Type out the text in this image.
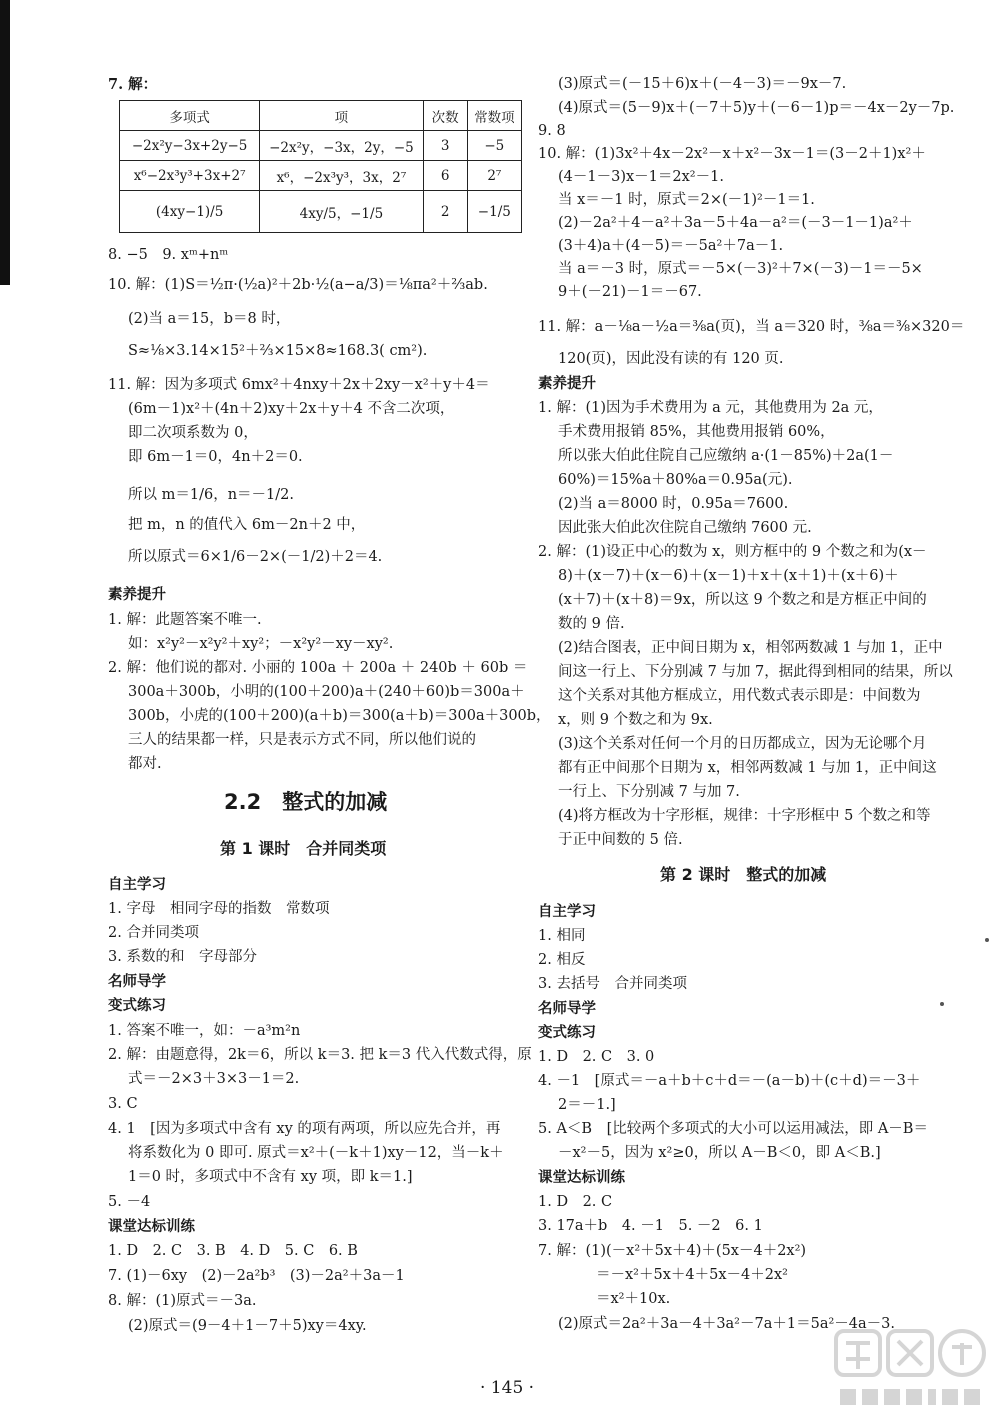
7. 解：
8. −5　9. xᵐ+nᵐ
10. 解：(1)S＝½π·(½a)²＋2b·½(a−a/3)＝⅛πa²＋⅔ab.
(2)当 a＝15，b＝8 时，
S≈⅛×3.14×15²＋⅔×15×8≈168.3( cm²).
11. 解：因为多项式 6mx²＋4nxy＋2x＋2xy－x²＋y＋4＝
(6m－1)x²＋(4n＋2)xy＋2x＋y＋4 不含二次项，
即二次项系数为 0，
即 6m－1＝0，4n＋2＝0.
所以 m＝1/6，n＝－1/2.
把 m，n 的值代入 6m－2n＋2 中，
所以原式＝6×1/6－2×(－1/2)＋2＝4.
素养提升
1. 解：此题答案不唯一.
如：x²y²－x²y²＋xy²；－x²y²－xy－xy².
2. 解：他们说的都对. 小丽的 100a ＋ 200a ＋ 240b ＋ 60b ＝
300a＋300b，小明的(100＋200)a＋(240＋60)b＝300a＋
300b，小虎的(100＋200)(a＋b)＝300(a＋b)＝300a＋300b，
三人的结果都一样，只是表示方式不同，所以他们说的
都对.
2.2　整式的加减
第 1 课时　合并同类项
自主学习
1. 字母　相同字母的指数　常数项
2. 合并同类项
3. 系数的和　字母部分
名师导学
变式练习
1. 答案不唯一，如：－a³m²n
2. 解：由题意得，2k＝6，所以 k＝3. 把 k＝3 代入代数式得，原
式＝－2×3＋3×3－1＝2.
3. C
4. 1　[因为多项式中含有 xy 的项有两项，所以应先合并，再
将系数化为 0 即可. 原式＝x²＋(－k＋1)xy－12，当－k＋
1＝0 时，多项式中不含有 xy 项，即 k＝1.]
5. －4
课堂达标训练
1. D　2. C　3. B　4. D　5. C　6. B
7. (1)－6xy　(2)－2a²b³　(3)－2a²＋3a－1
8. 解：(1)原式＝－3a.
(2)原式＝(9－4＋1－7＋5)xy＝4xy.
多项式	项	次数	常数项
−2x²y−3x+2y−5	−2x²y，−3x，2y，−5	3	−5
x⁶−2x³y³+3x+2⁷	x⁶，−2x³y³，3x，2⁷	6	2⁷
(4xy−1)/5	4xy/5，−1/5	2	−1/5
(3)原式＝(－15＋6)x＋(－4－3)＝－9x－7.
(4)原式＝(5－9)x＋(－7＋5)y＋(－6－1)p＝－4x－2y－7p.
9. 8
10. 解：(1)3x²＋4x－2x²－x＋x²－3x－1＝(3－2＋1)x²＋
(4－1－3)x－1＝2x²－1.
当 x＝－1 时，原式＝2×(－1)²－1＝1.
(2)－2a²＋4－a²＋3a－5＋4a－a²＝(－3－1－1)a²＋
(3＋4)a＋(4－5)＝－5a²＋7a－1.
当 a＝－3 时，原式＝－5×(－3)²＋7×(－3)－1＝－5×
9＋(－21)－1＝－67.
11. 解：a－⅛a－½a＝⅜a(页)，当 a＝320 时，⅜a＝⅜×320＝
120(页)，因此没有读的有 120 页.
素养提升
1. 解：(1)因为手术费用为 a 元，其他费用为 2a 元，
手术费用报销 85%，其他费用报销 60%，
所以张大伯此住院自己应缴纳 a·(1－85%)＋2a(1－
60%)＝15%a＋80%a＝0.95a(元).
(2)当 a＝8000 时，0.95a＝7600.
因此张大伯此次住院自己缴纳 7600 元.
2. 解：(1)设正中心的数为 x，则方框中的 9 个数之和为(x－
8)＋(x－7)＋(x－6)＋(x－1)＋x＋(x＋1)＋(x＋6)＋
(x＋7)＋(x＋8)＝9x，所以这 9 个数之和是方框正中间的
数的 9 倍.
(2)结合图表，正中间日期为 x，相邻两数减 1 与加 1，正中
间这一行上、下分别减 7 与加 7，据此得到相同的结果，所以
这个关系对其他方框成立，用代数式表示即是：中间数为
x，则 9 个数之和为 9x.
(3)这个关系对任何一个月的日历都成立，因为无论哪个月
都有正中间那个日期为 x，相邻两数减 1 与加 1，正中间这
一行上、下分别减 7 与加 7.
(4)将方框改为十字形框，规律：十字形框中 5 个数之和等
于正中间数的 5 倍.
第 2 课时　整式的加减
自主学习
1. 相同
2. 相反
3. 去括号　合并同类项
名师导学
变式练习
1. D　2. C　3. 0
4. －1　[原式＝－a＋b＋c＋d＝－(a－b)＋(c＋d)＝－3＋
2＝－1.]
5. A＜B　[比较两个多项式的大小可以运用减法，即 A－B＝
－x²－5，因为 x²≥0，所以 A－B＜0，即 A＜B.]
课堂达标训练
1. D　2. C
3. 17a＋b　4. －1　5. －2　6. 1
7. 解：(1)(－x²＋5x＋4)＋(5x－4＋2x²)
＝－x²＋5x＋4＋5x－4＋2x²
＝x²＋10x.
(2)原式＝2a²＋3a－4＋3a²－7a＋1＝5a²－4a－3.
· 145 ·
